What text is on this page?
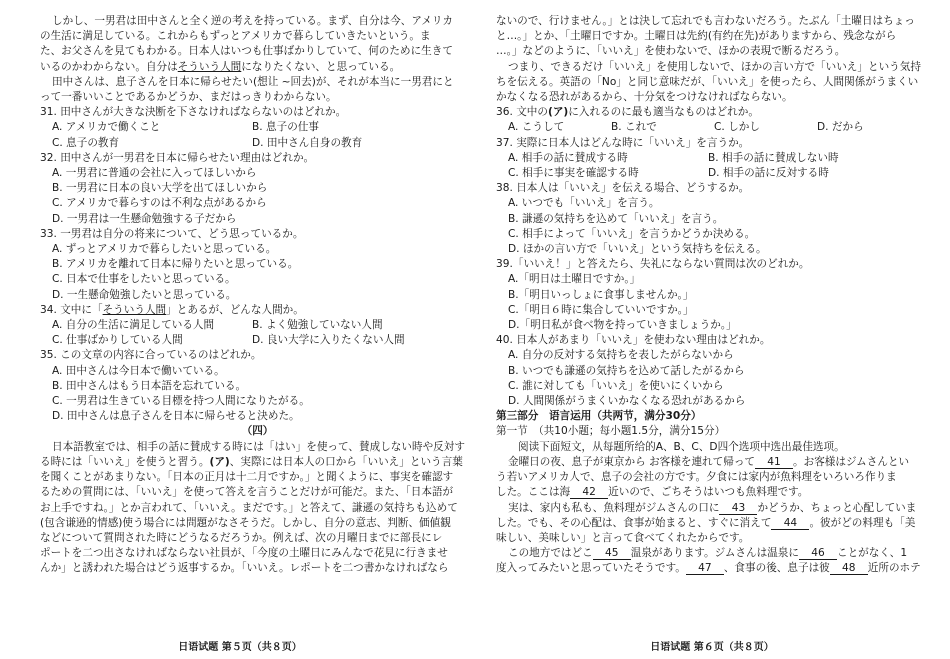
しかし、一男君は田中さんと全く逆の考えを持っている。まず、自分は今、アメリカ

の生活に満足している。これからもずっとアメリカで暮らしていきたいという。ま

た、お父さんを見てもわかる。日本人はいつも仕事ばかりしていて、何のために生きて

いるのかわからない。自分はそういう人間になりたくない、と思っている。

田中さんは、息子さんを日本に帰らせたい(想让 ~回去)が、それが本当に一男君にと

って一番いいことであるかどうか、まだはっきりわからない。

31. 田中さんが大きな決断を下さなければならないのはどれか。

A. アメリカで働くこと	B. 息子の仕事
C. 息子の教育	D. 田中さん自身の教育

32. 田中さんが一男君を日本に帰らせたい理由はどれか。

A. 一男君に普通の会社に入ってほしいから

B. 一男君に日本の良い大学を出てほしいから

C. アメリカで暮らすのは不利な点があるから

D. 一男君は一生懸命勉強する子だから

33. 一男君は自分の将来について、どう思っているか。

A. ずっとアメリカで暮らしたいと思っている。

B. アメリカを離れて日本に帰りたいと思っている。

C. 日本で仕事をしたいと思っている。

D. 一生懸命勉強したいと思っている。

34. 文中に「そういう人間」とあるが、どんな人間か。

A. 自分の生活に満足している人間	B. よく勉強していない人間
C. 仕事ばかりしている人間	D. 良い大学に入りたくない人間

35. この文章の内容に合っているのはどれか。

A. 田中さんは今日本で働いている。

B. 田中さんはもう日本語を忘れている。

C. 一男君は生きている目標を持つ人間になりたがる。

D. 田中さんは息子さんを日本に帰らせると決めた。

（四）

日本語教室では、相手の話に賛成する時には「はい」を使って、賛成しない時や反対す

る時には「いいえ」を使うと習う。(ア)、実際には日本人の口から「いいえ」という言葉

を聞くことがあまりない。「日本の正月は十二月ですか。」と聞くように、事実を確認す

るための質問には、「いいえ」を使って答えを言うことだけが可能だ。また、「日本語が

お上手ですね。」とか言われて、「いいえ。まだです。」と答えて、謙遜の気持ちも込めて

(包含谦逊的情感)使う場合には問題がなさそうだ。しかし、自分の意志、判断、価値観

などについて質問された時にどうなるだろうか。例えば、次の月曜日までに部長にレ

ポートを二つ出さなければならない社員が、「今度の土曜日にみんなで花見に行きませ

んか」と誘われた場合はどう返事するか。「いいえ。レポートを二つ書かなければなら

ないので、行けません。」とは決して忘れでも言わないだろう。たぶん「土曜日はちょっ

と…。」とか、「土曜日ですか。土曜日は先約(有约在先)がありますから、残念ながら

…。」などのように、「いいえ」を使わないで、ほかの表現で断るだろう。

つまり、できるだけ「いいえ」を使用しないで、ほかの言い方で「いいえ」という気持

ちを伝える。英語の「No」と同じ意味だが、「いいえ」を使ったら、人間関係がうまくい

かなくなる恐れがあるから、十分気をつけなければならない。

36. 文中の(ア)に入れるのに最も適当なものはどれか。

A. こうして	B. これで	C. しかし	D. だから

37. 実際に日本人はどんな時に「いいえ」を言うか。

A. 相手の話に賛成する時	B. 相手の話に賛成しない時
C. 相手に事実を確認する時	D. 相手の話に反対する時

38. 日本人は「いいえ」を伝える場合、どうするか。

A. いつでも「いいえ」を言う。

B. 謙遜の気持ちを込めて「いいえ」を言う。

C. 相手によって「いいえ」を言うかどうか決める。

D. ほかの言い方で「いいえ」という気持ちを伝える。

39.「いいえ！」と答えたら、失礼にならない質問は次のどれか。

A.「明日は土曜日ですか。」

B.「明日いっしょに食事しませんか。」

C.「明日６時に集合していいですか。」

D.「明日私が食べ物を持っていきましょうか。」

40. 日本人があまり「いいえ」を使わない理由はどれか。

A. 自分の反対する気持ちを表したがらないから

B. いつでも謙遜の気持ちを込めて話したがるから

C. 誰に対しても「いいえ」を使いにくいから

D. 人間関係がうまくいかなくなる恐れがあるから

第三部分　语言运用（共两节，满分30分）

第一节　（共10小题；每小题1.5分，满分15分）

阅读下面短文，从每题所给的A、B、C、D四个选项中选出最佳选项。

金曜日の夜、息子が東京から お客様を連れて帰って 41 。お客様はジムさんとい

う若いアメリカ人で、息子の会社の方です。夕食には家内が魚料理をいろいろ作りま

した。ここは海 42 近いので、ごちそうはいつも魚料理です。

実は、家内も私も、魚料理がジムさんの口に 43 かどうか、ちょっと心配していま

した。でも、その心配は、食事が始まると、すぐに消えて 44 。彼がどの料理も「美

味しい、美味しい」と言って食べてくれたからです。

この地方ではどこ 45 温泉があります。ジムさんは温泉に 46 ことがなく、1

度入ってみたいと思っていたそうです。 47 、食事の後、息子は彼 48 近所のホテ

日语试题 第５页（共８页）	日语试题 第６页（共８页）
